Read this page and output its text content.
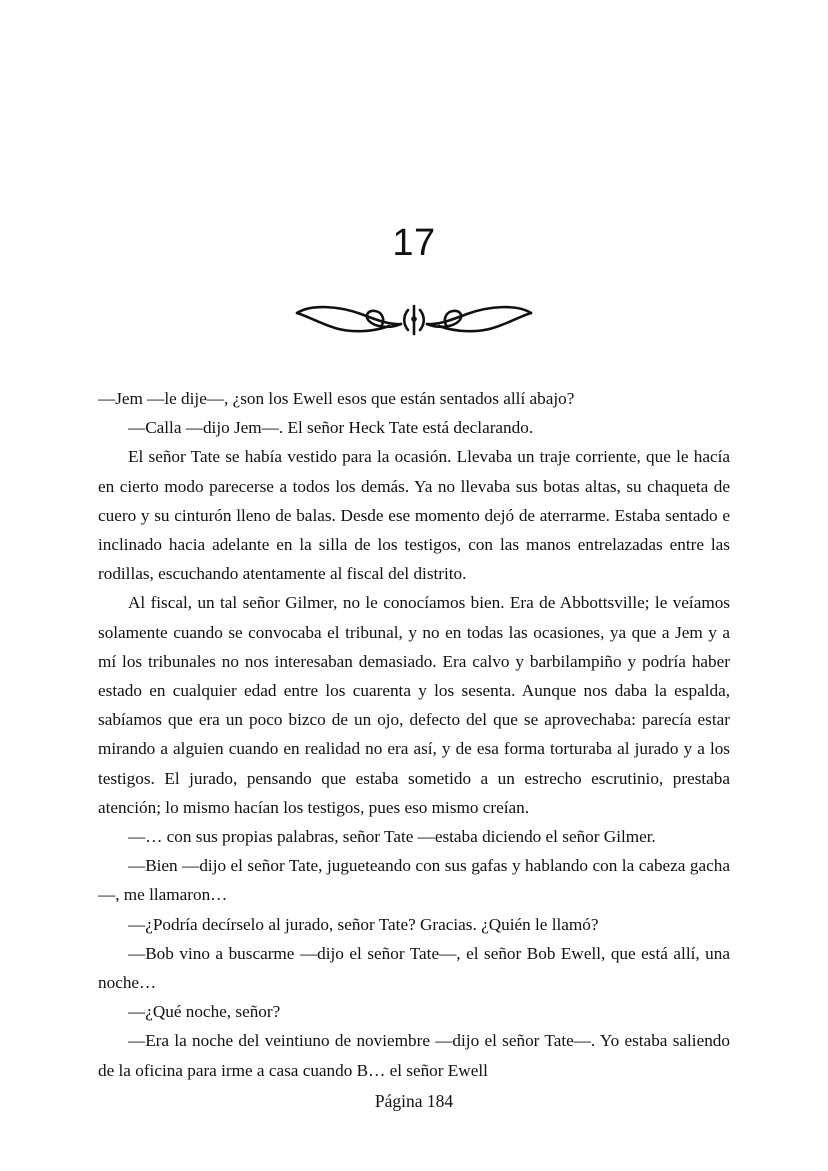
17

—Jem —le dije—, ¿son los Ewell esos que están sentados allí abajo?

—Calla —dijo Jem—. El señor Heck Tate está declarando.

El señor Tate se había vestido para la ocasión. Llevaba un traje corriente, que le hacía en cierto modo parecerse a todos los demás. Ya no llevaba sus botas altas, su chaqueta de cuero y su cinturón lleno de balas. Desde ese momento dejó de aterrarme. Estaba sentado e inclinado hacia adelante en la silla de los testigos, con las manos entrelazadas entre las rodillas, escuchando atentamente al fiscal del distrito.

Al fiscal, un tal señor Gilmer, no le conocíamos bien. Era de Abbottsville; le veíamos solamente cuando se convocaba el tribunal, y no en todas las ocasiones, ya que a Jem y a mí los tribunales no nos interesaban demasiado. Era calvo y barbilampiño y podría haber estado en cualquier edad entre los cuarenta y los sesenta. Aunque nos daba la espalda, sabíamos que era un poco bizco de un ojo, defecto del que se aprovechaba: parecía estar mirando a alguien cuando en realidad no era así, y de esa forma torturaba al jurado y a los testigos. El jurado, pensando que estaba sometido a un estrecho escrutinio, prestaba atención; lo mismo hacían los testigos, pues eso mismo creían.

—… con sus propias palabras, señor Tate —estaba diciendo el señor Gilmer.

—Bien —dijo el señor Tate, jugueteando con sus gafas y hablando con la cabeza gacha—, me llamaron…

—¿Podría decírselo al jurado, señor Tate? Gracias. ¿Quién le llamó?

—Bob vino a buscarme —dijo el señor Tate—, el señor Bob Ewell, que está allí, una noche…

—¿Qué noche, señor?

—Era la noche del veintiuno de noviembre —dijo el señor Tate—. Yo estaba saliendo de la oficina para irme a casa cuando B… el señor Ewell

Página 184
